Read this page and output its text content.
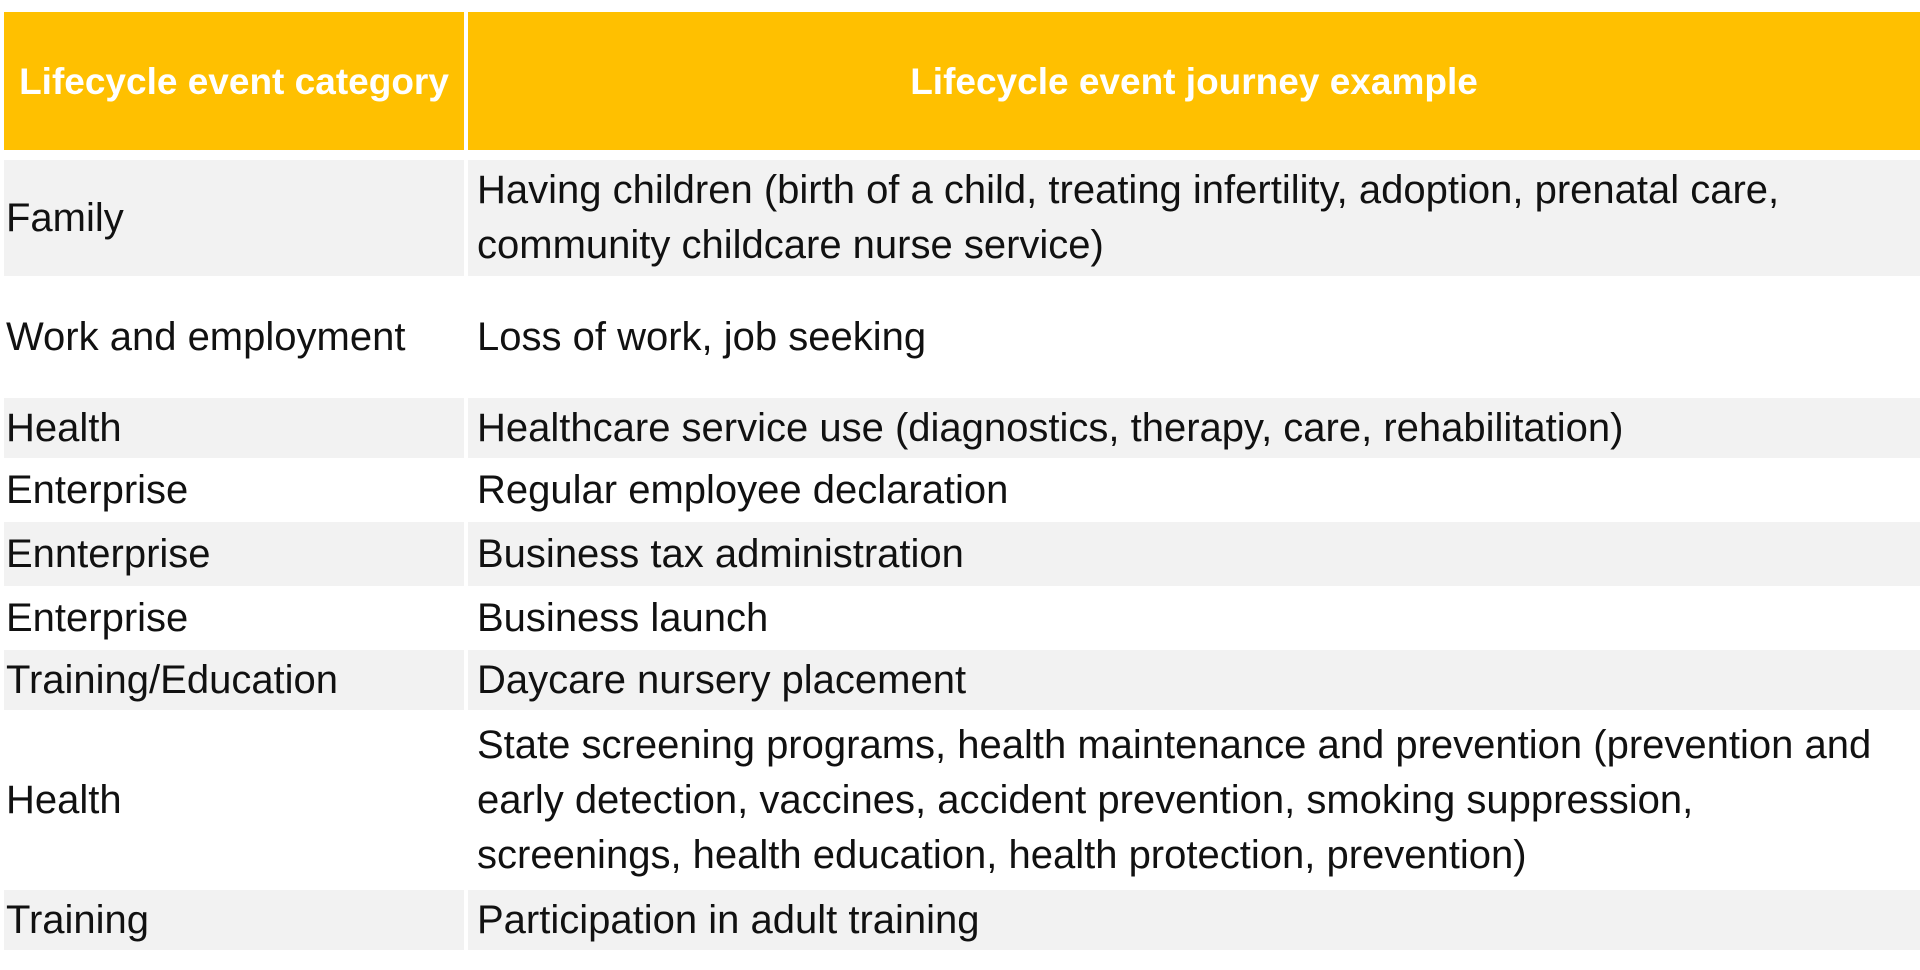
Lifecycle event category	Lifecycle event journey example

Family	Having children (birth of a child, treating infertility, adoption, prenatal care, community childcare nurse service)
Work and employment	Loss of work, job seeking
Health	Healthcare service use (diagnostics, therapy, care, rehabilitation)
Enterprise	Regular employee declaration
Ennterprise	Business tax administration
Enterprise	Business launch
Training/Education	Daycare nursery placement
Health	State screening programs, health maintenance and prevention (prevention and early detection, vaccines, accident prevention, smoking suppression, screenings, health education, health protection, prevention)
Training	Participation in adult training
